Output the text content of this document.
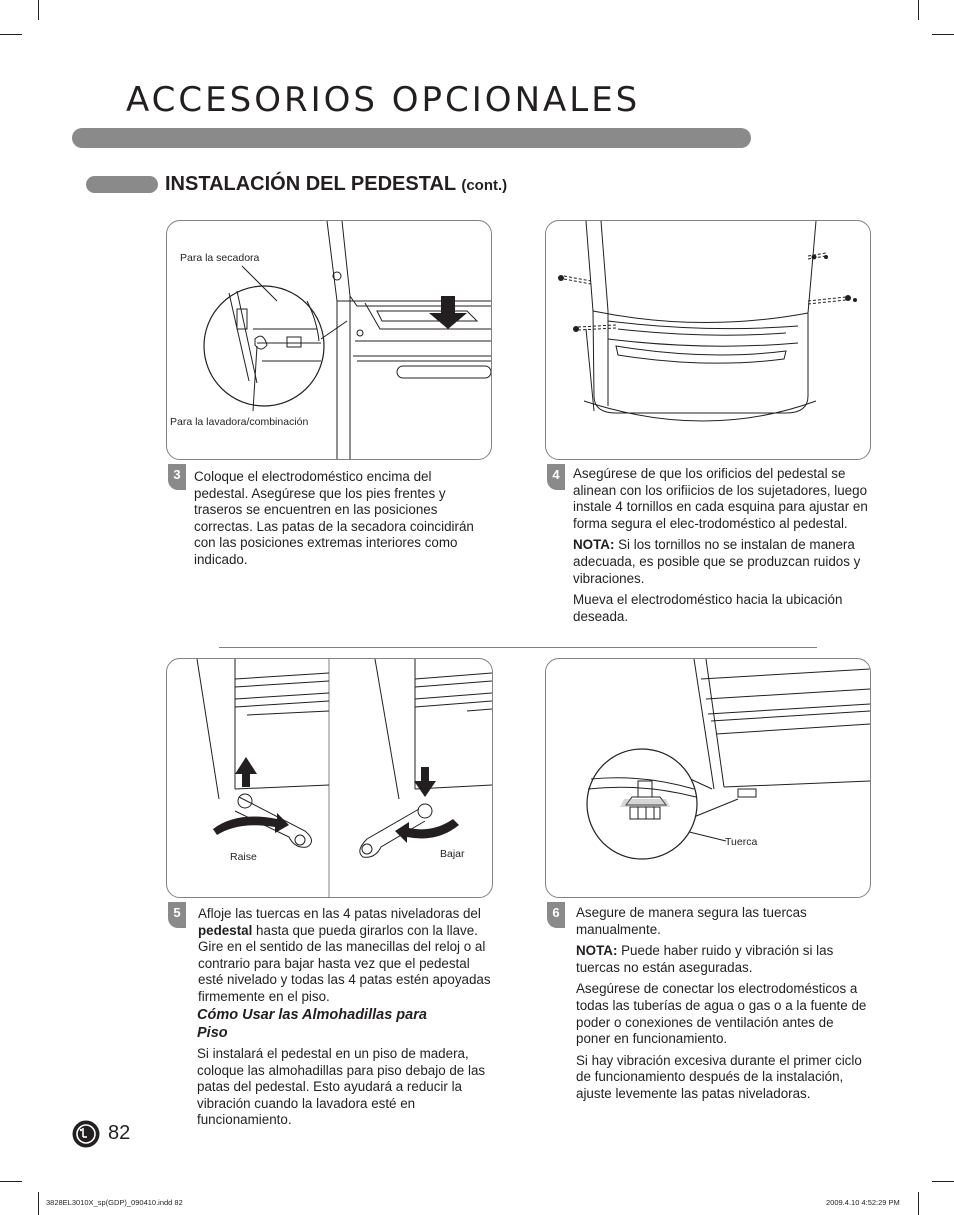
ACCESORIOS OPCIONALES
INSTALACIÓN DEL PEDESTAL (cont.)
Para la secadora
Para la lavadora/combinación
3 Coloque el electrodoméstico encima del pedestal. Asegúrese que los pies frentes y traseros se encuentren en las posiciones correctas. Las patas de la secadora coincidirán con las posiciones extremas interiores como indicado.

4 Asegúrese de que los orificios del pedestal se alinean con los orifiicios de los sujetadores, luego instale 4 tornillos en cada esquina para ajustar en forma segura el elec-trodoméstico al pedestal.

NOTA: Si los tornillos no se instalan de manera adecuada, es posible que se produzcan ruidos y vibraciones.

Mueva el electrodoméstico hacia la ubicación deseada.

Raise	Bajar
5	Afloje las tuercas en las 4 patas niveladoras del pedestal hasta que pueda girarlos con la llave. Gire en el sentido de las manecillas del reloj o al contrario para bajar hasta vez que el pedestal esté nivelado y todas las 4 patas estén apoyadas firmemente en el piso.

Cómo Usar las Almohadillas para Piso

Si instalará el pedestal en un piso de madera, coloque las almohadillas para piso debajo de las patas del pedestal. Esto ayudará a reducir la vibración cuando la lavadora esté en funcionamiento.

Tuerca
6	Asegure de manera segura las tuercas manualmente.

NOTA: Puede haber ruido y vibración si las tuercas no están aseguradas.

Asegúrese de conectar los electrodomésticos a todas las tuberías de agua o gas o a la fuente de poder o conexiones de ventilación antes de poner en funcionamiento.

Si hay vibración excesiva durante el primer ciclo de funcionamiento después de la instalación, ajuste levemente las patas niveladoras.

82
3828EL3010X_sp(GDP)_090410.indd 82	2009.4.10 4:52:29 PM
